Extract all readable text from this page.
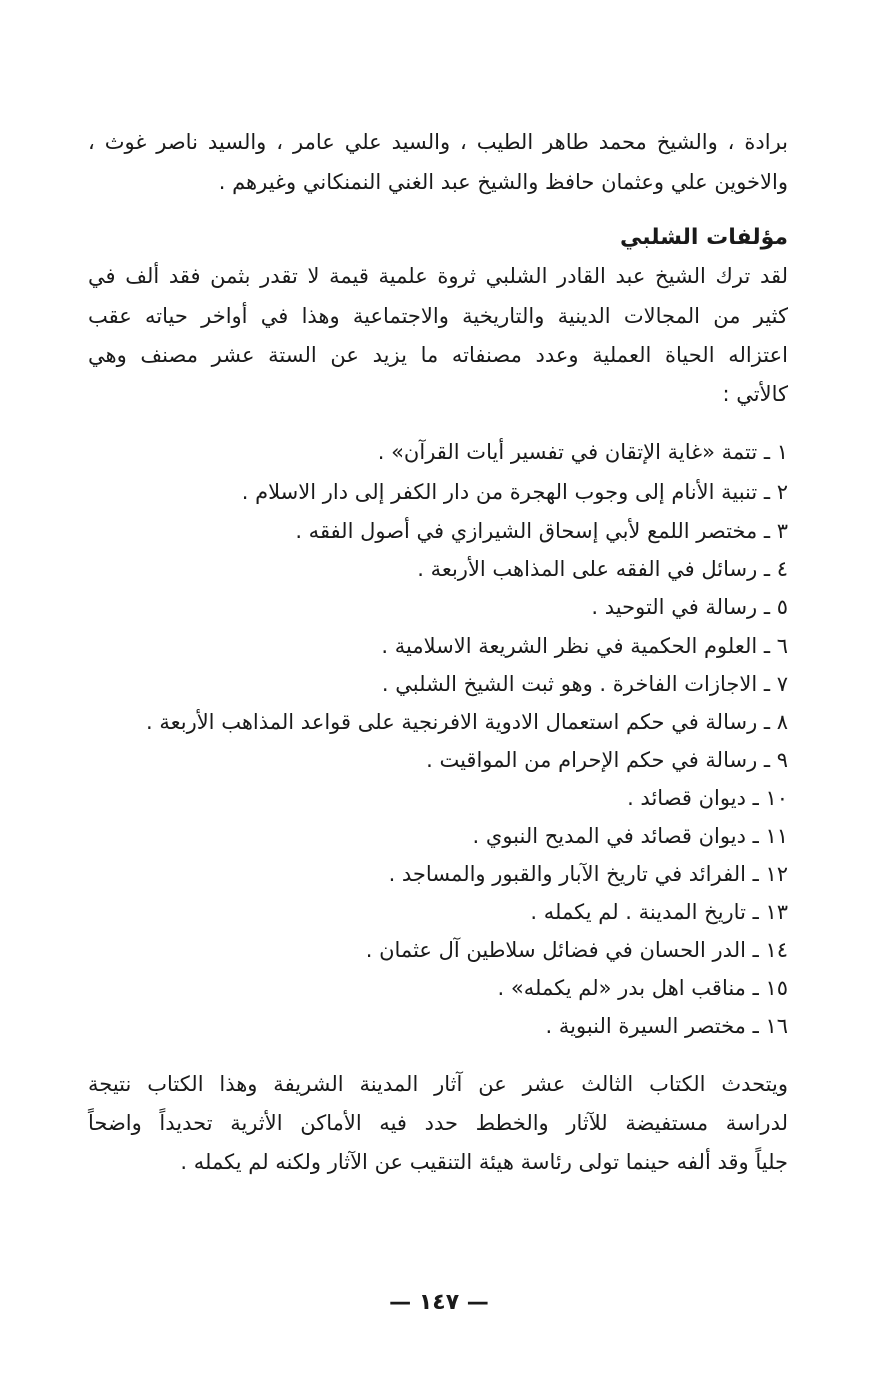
برادة ، والشيخ محمد طاهر الطيب ، والسيد علي عامر ، والسيد ناصر غوث ،
والاخوين علي وعثمان حافظ والشيخ عبد الغني النمنكاني وغيرهم .
مؤلفات الشلبي
لقد ترك الشيخ عبد القادر الشلبي ثروة علمية قيمة لا تقدر بثمن فقد ألف في
كثير من المجالات الدينية والتاريخية والاجتماعية وهذا في أواخر حياته عقب
اعتزاله الحياة العملية وعدد مصنفاته ما يزيد عن الستة عشر مصنف وهي
كالأتي :
١ ـ تتمة «غاية الإتقان في تفسير أيات القرآن» .
٢ ـ تنبية الأنام إلى وجوب الهجرة من دار الكفر إلى دار الاسلام .
٣ ـ مختصر اللمع لأبي إسحاق الشيرازي في أصول الفقه .
٤ ـ رسائل في الفقه على المذاهب الأربعة .
٥ ـ رسالة في التوحيد .
٦ ـ العلوم الحكمية في نظر الشريعة الاسلامية .
٧ ـ الاجازات الفاخرة . وهو ثبت الشيخ الشلبي .
٨ ـ رسالة في حكم استعمال الادوية الافرنجية على قواعد المذاهب الأربعة .
٩ ـ رسالة في حكم الإحرام من المواقيت .
١٠ ـ ديوان قصائد .
١١ ـ ديوان قصائد في المديح النبوي .
١٢ ـ الفرائد في تاريخ الآبار والقبور والمساجد .
١٣ ـ تاريخ المدينة . لم يكمله .
١٤ ـ الدر الحسان في فضائل سلاطين آل عثمان .
١٥ ـ مناقب اهل بدر «لم يكمله» .
١٦ ـ مختصر السيرة النبوية .
ويتحدث الكتاب الثالث عشر عن آثار المدينة الشريفة وهذا الكتاب نتيجة
لدراسة مستفيضة للآثار والخطط حدد فيه الأماكن الأثرية تحديداً واضحاً
جلياً وقد ألفه حينما تولى رئاسة هيئة التنقيب عن الآثار ولكنه لم يكمله .
— ١٤٧ —
